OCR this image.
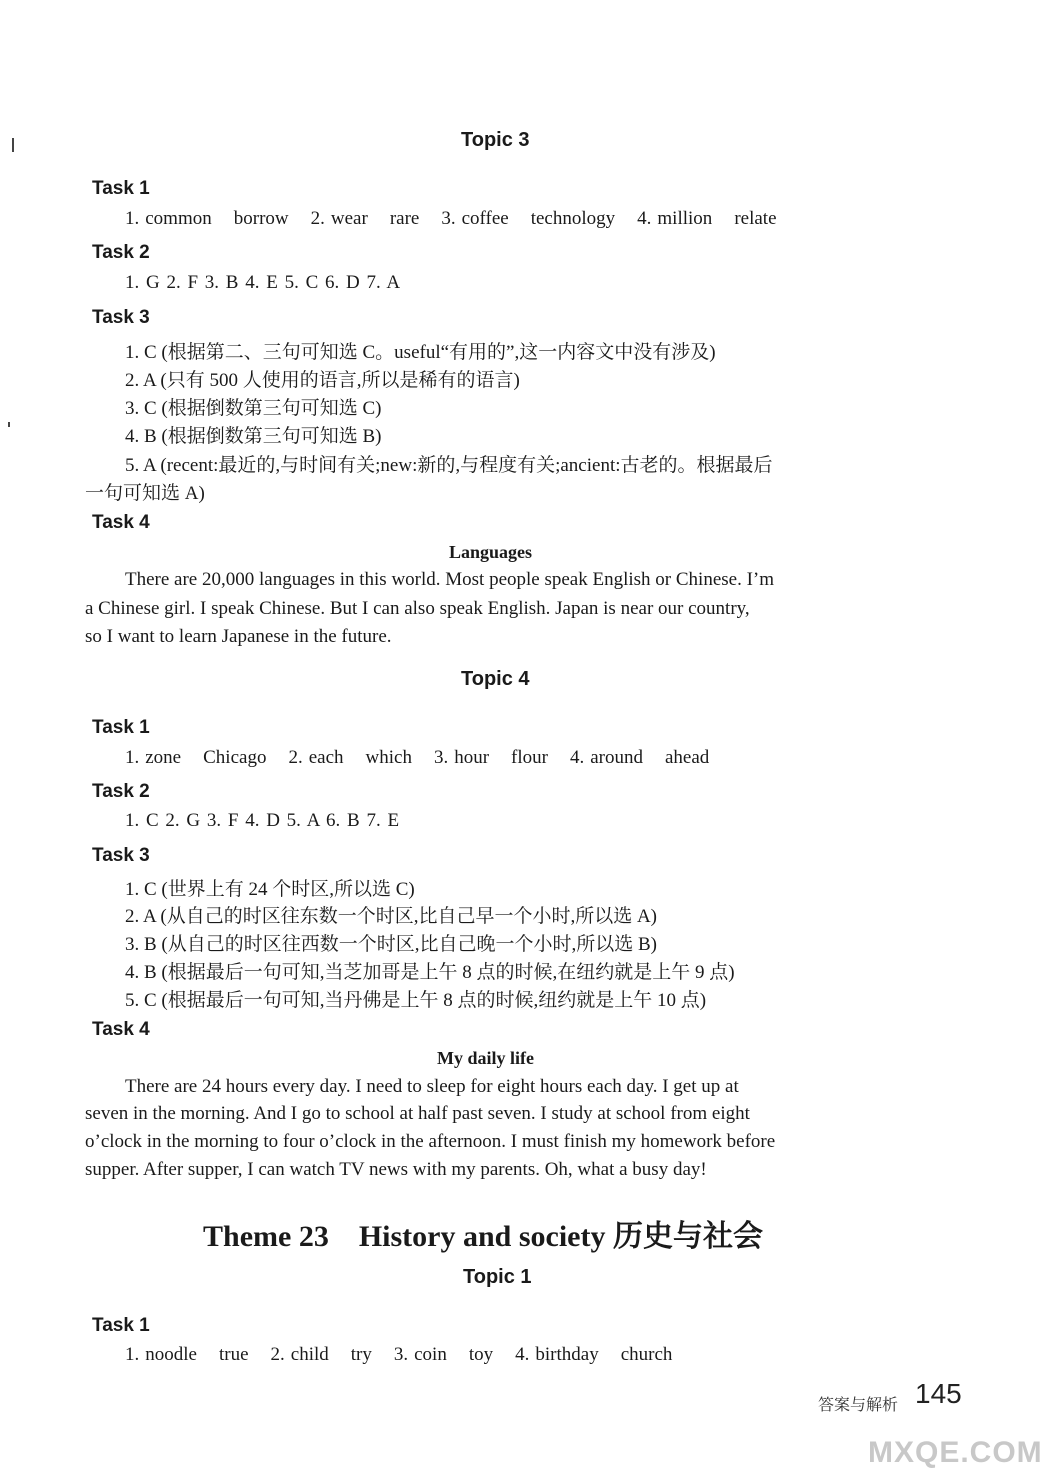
Topic 3
Task 1
1. common borrow 2. wear rare 3. coffee technology 4. million relate
Task 2
1. G 2. F 3. B 4. E 5. C 6. D 7. A
Task 3
1. C (根据第二、三句可知选 C。useful“有用的”,这一内容文中没有涉及)
2. A (只有 500 人使用的语言,所以是稀有的语言)
3. C (根据倒数第三句可知选 C)
4. B (根据倒数第三句可知选 B)
5. A (recent:最近的,与时间有关;new:新的,与程度有关;ancient:古老的。根据最后
一句可知选 A)
Task 4
Languages
There are 20,000 languages in this world. Most people speak English or Chinese. I’m
a Chinese girl. I speak Chinese. But I can also speak English. Japan is near our country,
so I want to learn Japanese in the future.
Topic 4
Task 1
1. zone Chicago 2. each which 3. hour flour 4. around ahead
Task 2
1. C 2. G 3. F 4. D 5. A 6. B 7. E
Task 3
1. C (世界上有 24 个时区,所以选 C)
2. A (从自己的时区往东数一个时区,比自己早一个小时,所以选 A)
3. B (从自己的时区往西数一个时区,比自己晚一个小时,所以选 B)
4. B (根据最后一句可知,当芝加哥是上午 8 点的时候,在纽约就是上午 9 点)
5. C (根据最后一句可知,当丹佛是上午 8 点的时候,纽约就是上午 10 点)
Task 4
My daily life
There are 24 hours every day. I need to sleep for eight hours each day. I get up at
seven in the morning. And I go to school at half past seven. I study at school from eight
o’clock in the morning to four o’clock in the afternoon. I must finish my homework before
supper. After supper, I can watch TV news with my parents. Oh, what a busy day!
Theme 23    History and society 历史与社会
Topic 1
Task 1
1. noodle true 2. child try 3. coin toy 4. birthday church
答案与解析 145
MXQE.COM
